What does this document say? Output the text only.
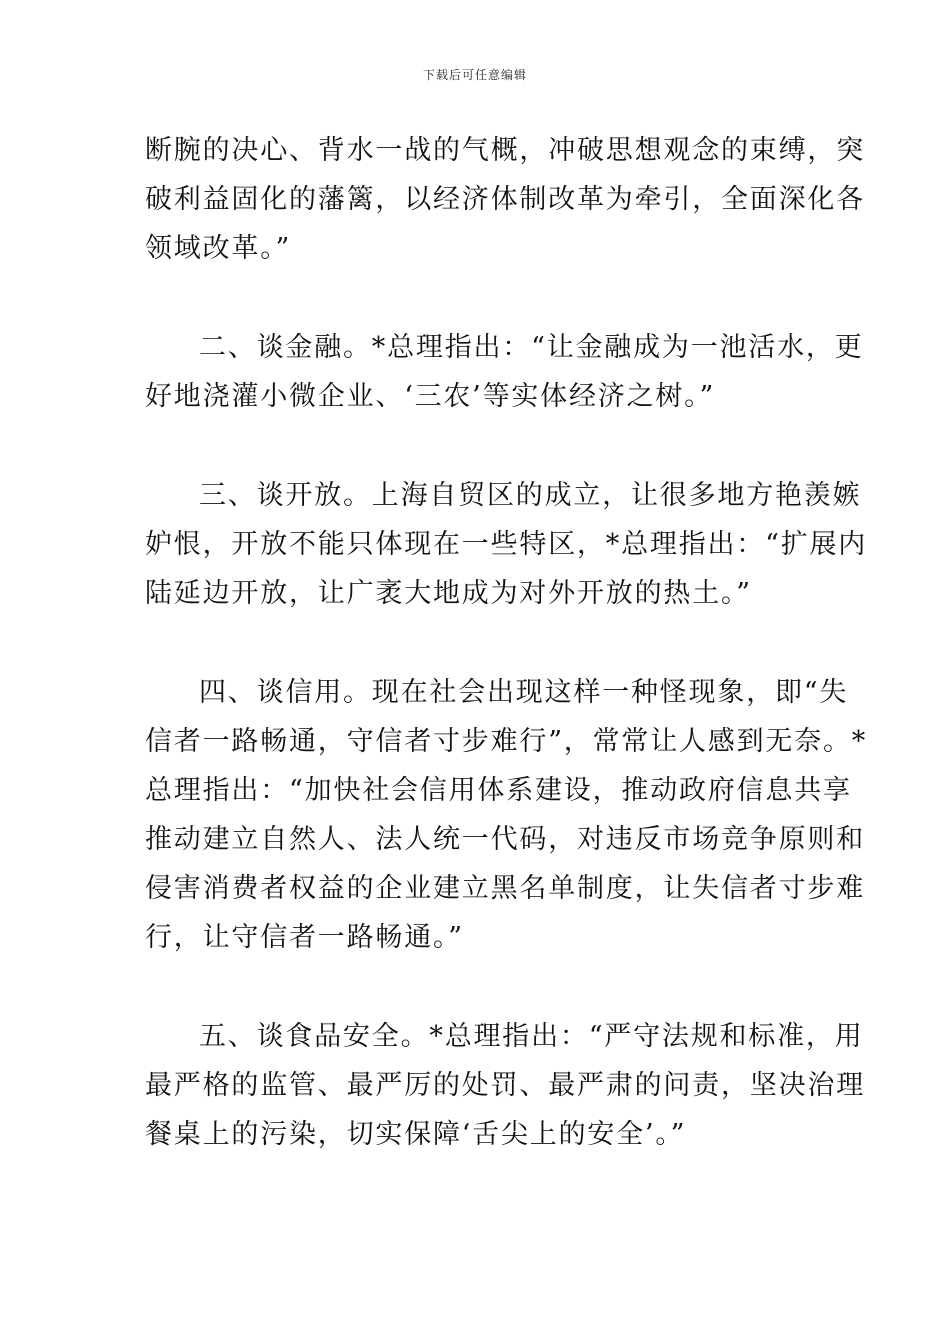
下载后可任意编辑
断腕的决心、背水一战的气概，冲破思想观念的束缚，突
破利益固化的藩篱，以经济体制改革为牵引，全面深化各
领域改革。”
二、谈金融。*总理指出：“让金融成为一池活水，更
好地浇灌小微企业、‘三农’等实体经济之树。”
三、谈开放。上海自贸区的成立，让很多地方艳羡嫉
妒恨，开放不能只体现在一些特区，*总理指出：“扩展内
陆延边开放，让广袤大地成为对外开放的热土。”
四、谈信用。现在社会出现这样一种怪现象，即“失
信者一路畅通，守信者寸步难行”，常常让人感到无奈。*
总理指出：“加快社会信用体系建设，推动政府信息共享
推动建立自然人、法人统一代码，对违反市场竞争原则和
侵害消费者权益的企业建立黑名单制度，让失信者寸步难
行，让守信者一路畅通。”
五、谈食品安全。*总理指出：“严守法规和标准，用
最严格的监管、最严厉的处罚、最严肃的问责，坚决治理
餐桌上的污染，切实保障‘舌尖上的安全’。”
